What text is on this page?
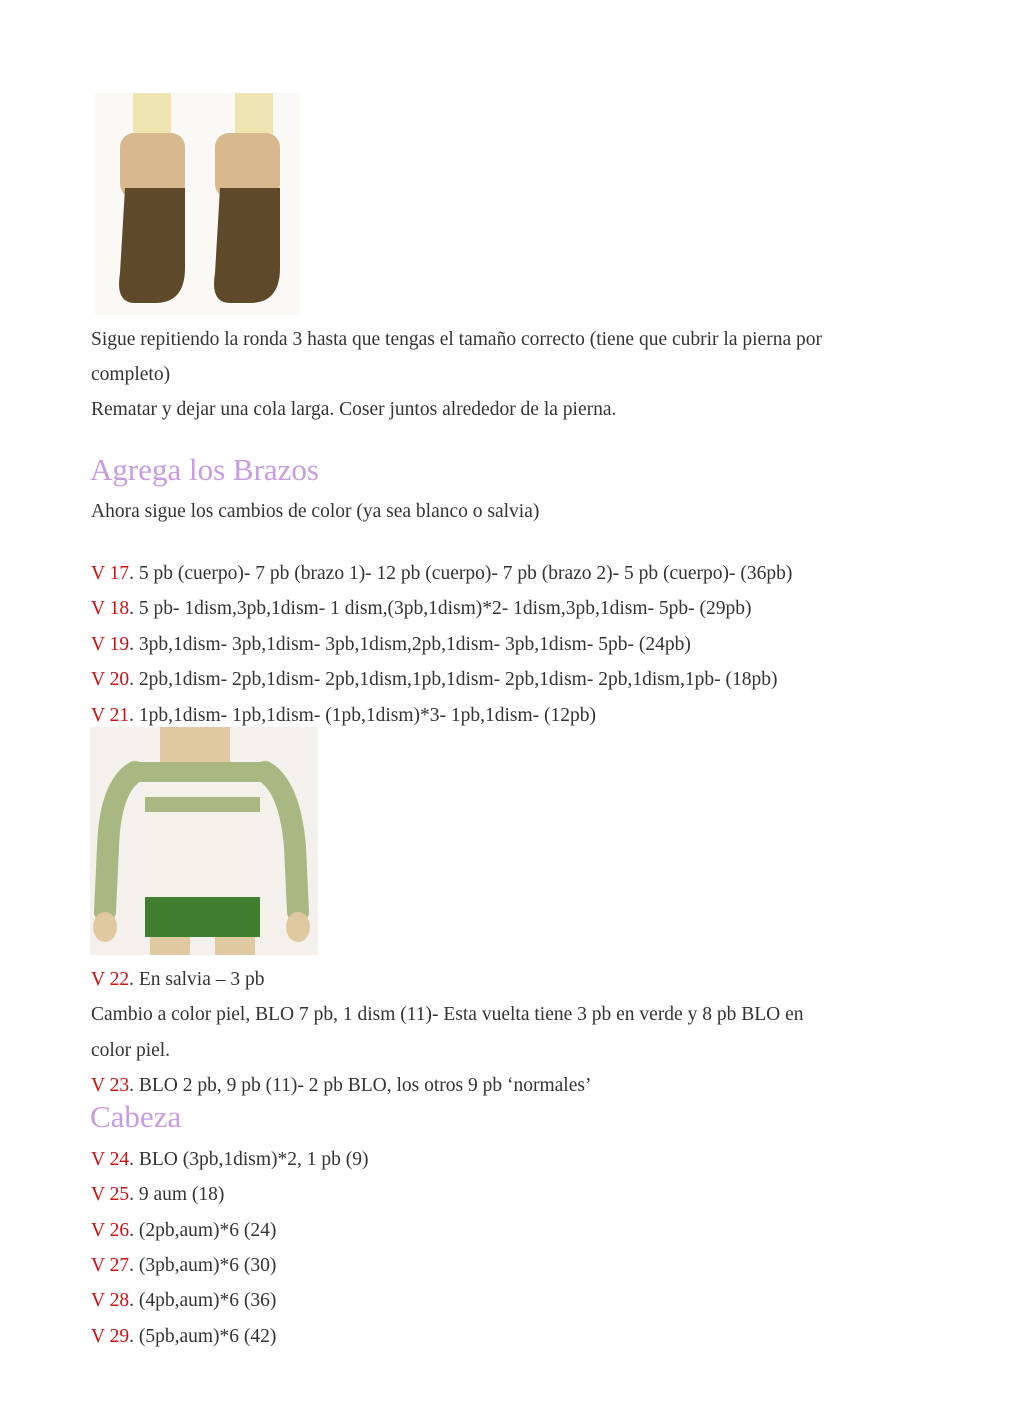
Sigue repitiendo la ronda 3 hasta que tengas el tamaño correcto (tiene que cubrir la pierna por
completo)
Rematar y dejar una cola larga. Coser juntos alrededor de la pierna.
Agrega los Brazos
Ahora sigue los cambios de color (ya sea blanco o salvia)
V 17. 5 pb (cuerpo)- 7 pb (brazo 1)- 12 pb (cuerpo)- 7 pb (brazo 2)- 5 pb (cuerpo)- (36pb)
V 18. 5 pb- 1dism,3pb,1dism- 1 dism,(3pb,1dism)*2- 1dism,3pb,1dism- 5pb- (29pb)
V 19. 3pb,1dism- 3pb,1dism- 3pb,1dism,2pb,1dism- 3pb,1dism- 5pb- (24pb)
V 20. 2pb,1dism- 2pb,1dism- 2pb,1dism,1pb,1dism- 2pb,1dism- 2pb,1dism,1pb- (18pb)
V 21. 1pb,1dism- 1pb,1dism- (1pb,1dism)*3- 1pb,1dism- (12pb)
V 22. En salvia – 3 pb
Cambio a color piel, BLO 7 pb, 1 dism (11)- Esta vuelta tiene 3 pb en verde y 8 pb BLO en
color piel.
V 23. BLO 2 pb, 9 pb (11)- 2 pb BLO, los otros 9 pb ‘normales’
Cabeza
V 24. BLO (3pb,1dism)*2, 1 pb (9)
V 25. 9 aum (18)
V 26. (2pb,aum)*6 (24)
V 27. (3pb,aum)*6 (30)
V 28. (4pb,aum)*6 (36)
V 29. (5pb,aum)*6 (42)
